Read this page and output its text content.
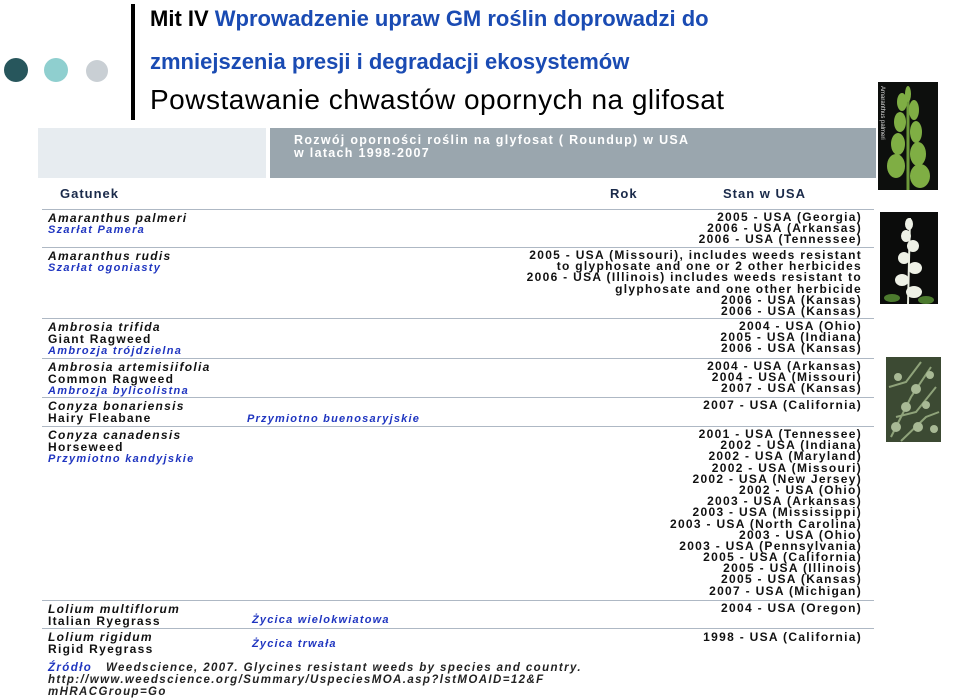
Mit IV Wprowadzenie upraw GM roślin doprowadzi do
zmniejszenia presji i degradacji ekosystemów
Powstawanie chwastów opornych na glifosat
Rozwój oporności roślin na glyfosat ( Roundup) w USA
w latach 1998-2007
Gatunek	Rok	Stan w USA
Amaranthus palmeri
Szarłat Pamera
2005 - USA (Georgia)
2006 - USA (Arkansas)
2006 - USA (Tennessee)
Amaranthus rudis
Szarłat ogoniasty
2005 - USA (Missouri), includes weeds resistant
to glyphosate and one or 2 other herbicides
2006 - USA (Illinois) includes weeds resistant to
glyphosate and one other herbicide
2006 - USA (Kansas)
2006 - USA (Kansas)
Ambrosia trifida
Giant Ragweed
Ambrozja trójdzielna
2004 - USA (Ohio)
2005 - USA (Indiana)
2006 - USA (Kansas)
Ambrosia artemisiifolia
Common Ragweed
Ambrozja bylicolistna
2004 - USA (Arkansas)
2004 - USA (Missouri)
2007 - USA (Kansas)
Conyza bonariensis
Hairy Fleabane	Przymiotno buenosaryjskie
2007 - USA (California)
Conyza canadensis
Horseweed
Przymiotno kandyjskie
2001 - USA (Tennessee)
2002 - USA (Indiana)
2002 - USA (Maryland)
2002 - USA (Missouri)
2002 - USA (New Jersey)
2002 - USA (Ohio)
2003 - USA (Arkansas)
2003 - USA (Mississippi)
2003 - USA (North Carolina)
2003 - USA (Ohio)
2003 - USA (Pennsylvania)
2005 - USA (California)
2005 - USA (Illinois)
2005 - USA (Kansas)
2007 - USA (Michigan)
Lolium multiflorum
Italian Ryegrass	Życica wielokwiatowa
2004 - USA (Oregon)
Lolium rigidum
Rigid Ryegrass	Życica trwała	1998 - USA (California)
Źródło Weedscience, 2007. Glycines resistant weeds by species and country.
http://www.weedscience.org/Summary/UspeciesMOA.asp?lstMOAID=12&F
mHRACGroup=Go
Amaranthus palmeri
